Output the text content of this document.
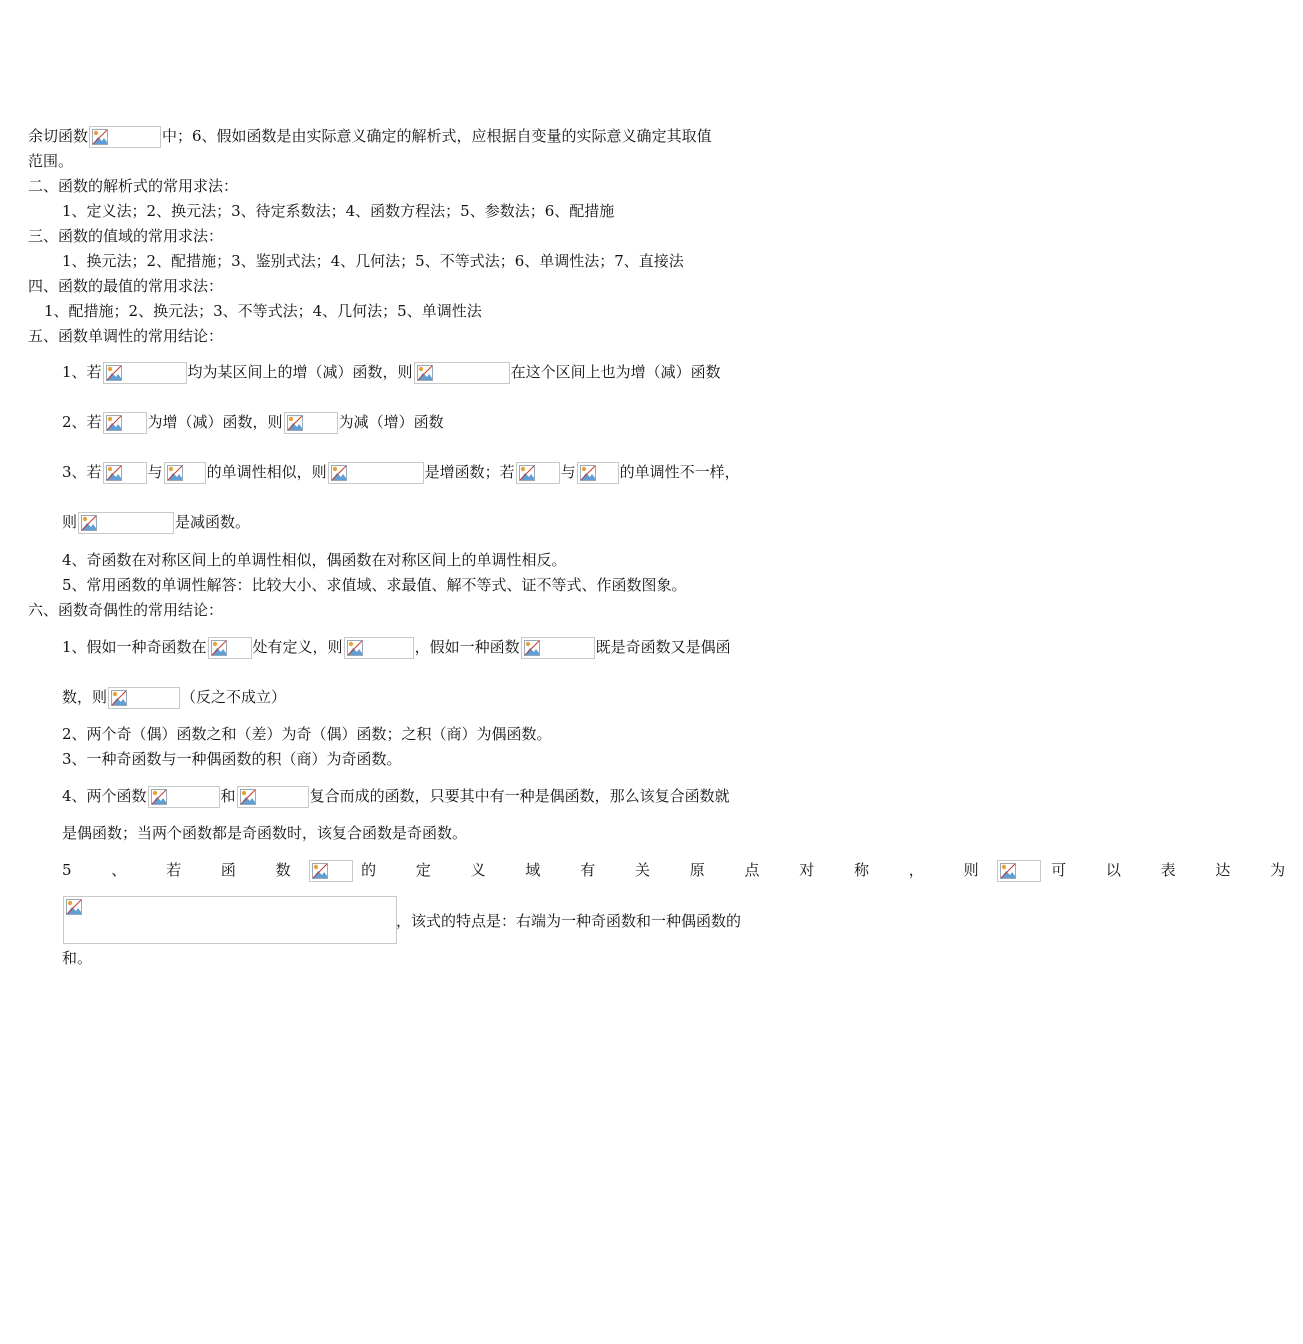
余切函数	中；6、假如函数是由实际意义确定的解析式，应根据自变量的实际意义确定其取值
范围。
二、函数的解析式的常用求法：
1、定义法；2、换元法；3、待定系数法；4、函数方程法；5、参数法；6、配措施
三、函数的值域的常用求法：
1、换元法；2、配措施；3、鉴别式法；4、几何法；5、不等式法；6、单调性法；7、直接法
四、函数的最值的常用求法：
1、配措施；2、换元法；3、不等式法；4、几何法；5、单调性法
五、函数单调性的常用结论：
1、若	均为某区间上的增（减）函数，则	在这个区间上也为增（减）函数
2、若	为增（减）函数，则	为减（增）函数
3、若	与	的单调性相似，则	是增函数；若	与	的单调性不一样，
则	是减函数。
4、奇函数在对称区间上的单调性相似，偶函数在对称区间上的单调性相反。
5、常用函数的单调性解答：比较大小、求值域、求最值、解不等式、证不等式、作函数图象。
六、函数奇偶性的常用结论：
1、假如一种奇函数在	处有定义，则	，假如一种函数	既是奇函数又是偶函
数，则	（反之不成立）
2、两个奇（偶）函数之和（差）为奇（偶）函数；之积（商）为偶函数。
3、一种奇函数与一种偶函数的积（商）为奇函数。
4、两个函数	和	复合而成的函数，只要其中有一种是偶函数，那么该复合函数就
是偶函数；当两个函数都是奇函数时，该复合函数是奇函数。
5 、 若 函 数	的 定 义 域 有 关 原 点 对 称 ， 则	可 以 表 达 为
，该式的特点是：右端为一种奇函数和一种偶函数的
和。
